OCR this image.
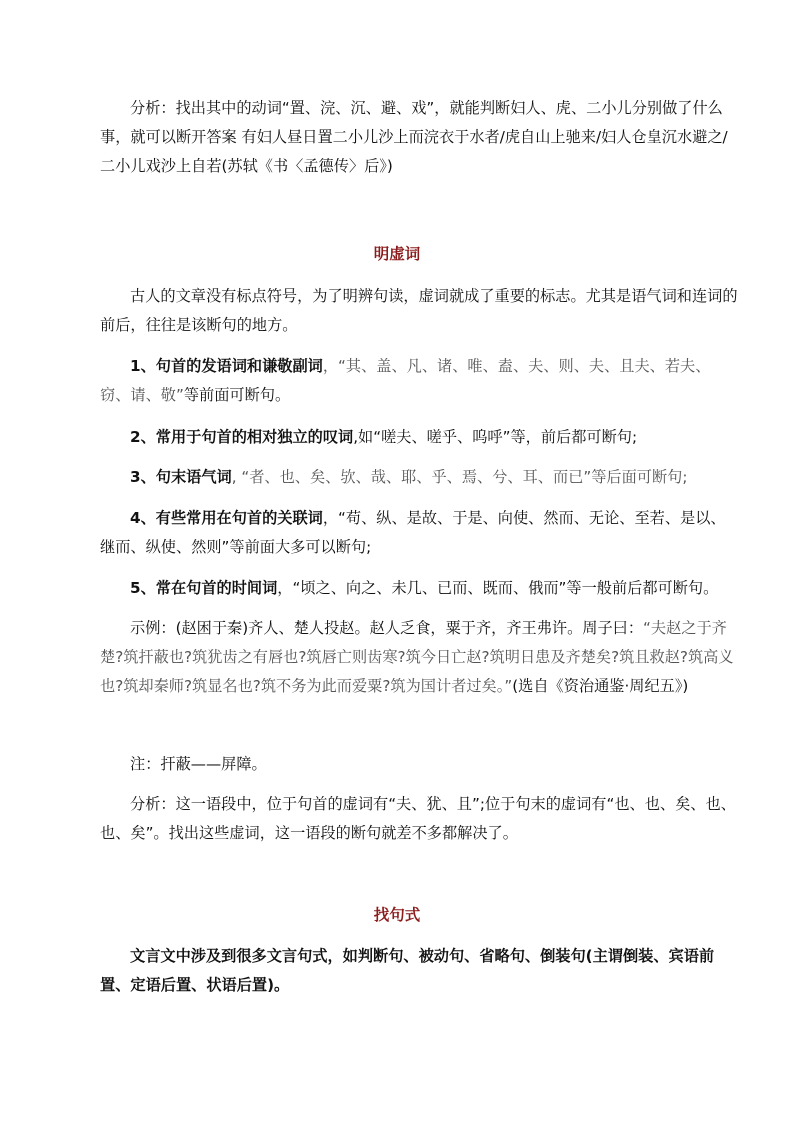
分析：找出其中的动词“置、浣、沉、避、戏”，就能判断妇人、虎、二小儿分别做了什么事，就可以断开答案 有妇人昼日置二小儿沙上而浣衣于水者/虎自山上驰来/妇人仓皇沉水避之/二小儿戏沙上自若(苏轼《书〈孟德传〉后》)

明虚词

古人的文章没有标点符号，为了明辨句读，虚词就成了重要的标志。尤其是语气词和连词的前后，往往是该断句的地方。

1、句首的发语词和谦敬副词，“其、盖、凡、诸、唯、盍、夫、则、夫、且夫、若夫、窃、请、敬”等前面可断句。

2、常用于句首的相对独立的叹词,如“嗟夫、嗟乎、呜呼”等，前后都可断句;

3、句末语气词, “者、也、矣、欤、哉、耶、乎、焉、兮、耳、而已”等后面可断句;

4、有些常用在句首的关联词，“苟、纵、是故、于是、向使、然而、无论、至若、是以、继而、纵使、然则”等前面大多可以断句;

5、常在句首的时间词，“顷之、向之、未几、已而、既而、俄而”等一般前后都可断句。

示例：(赵困于秦)齐人、楚人投赵。赵人乏食，粟于齐，齐王弗许。周子曰：“夫赵之于齐楚?筑扞蔽也?筑犹齿之有唇也?筑唇亡则齿寒?筑今日亡赵?筑明日患及齐楚矣?筑且救赵?筑高义也?筑却秦师?筑显名也?筑不务为此而爱粟?筑为国计者过矣。”(选自《资治通鉴·周纪五》)

注：扞蔽——屏障。

分析：这一语段中，位于句首的虚词有“夫、犹、且”;位于句末的虚词有“也、也、矣、也、也、矣”。找出这些虚词，这一语段的断句就差不多都解决了。

找句式

文言文中涉及到很多文言句式，如判断句、被动句、省略句、倒装句(主谓倒装、宾语前置、定语后置、状语后置)。
